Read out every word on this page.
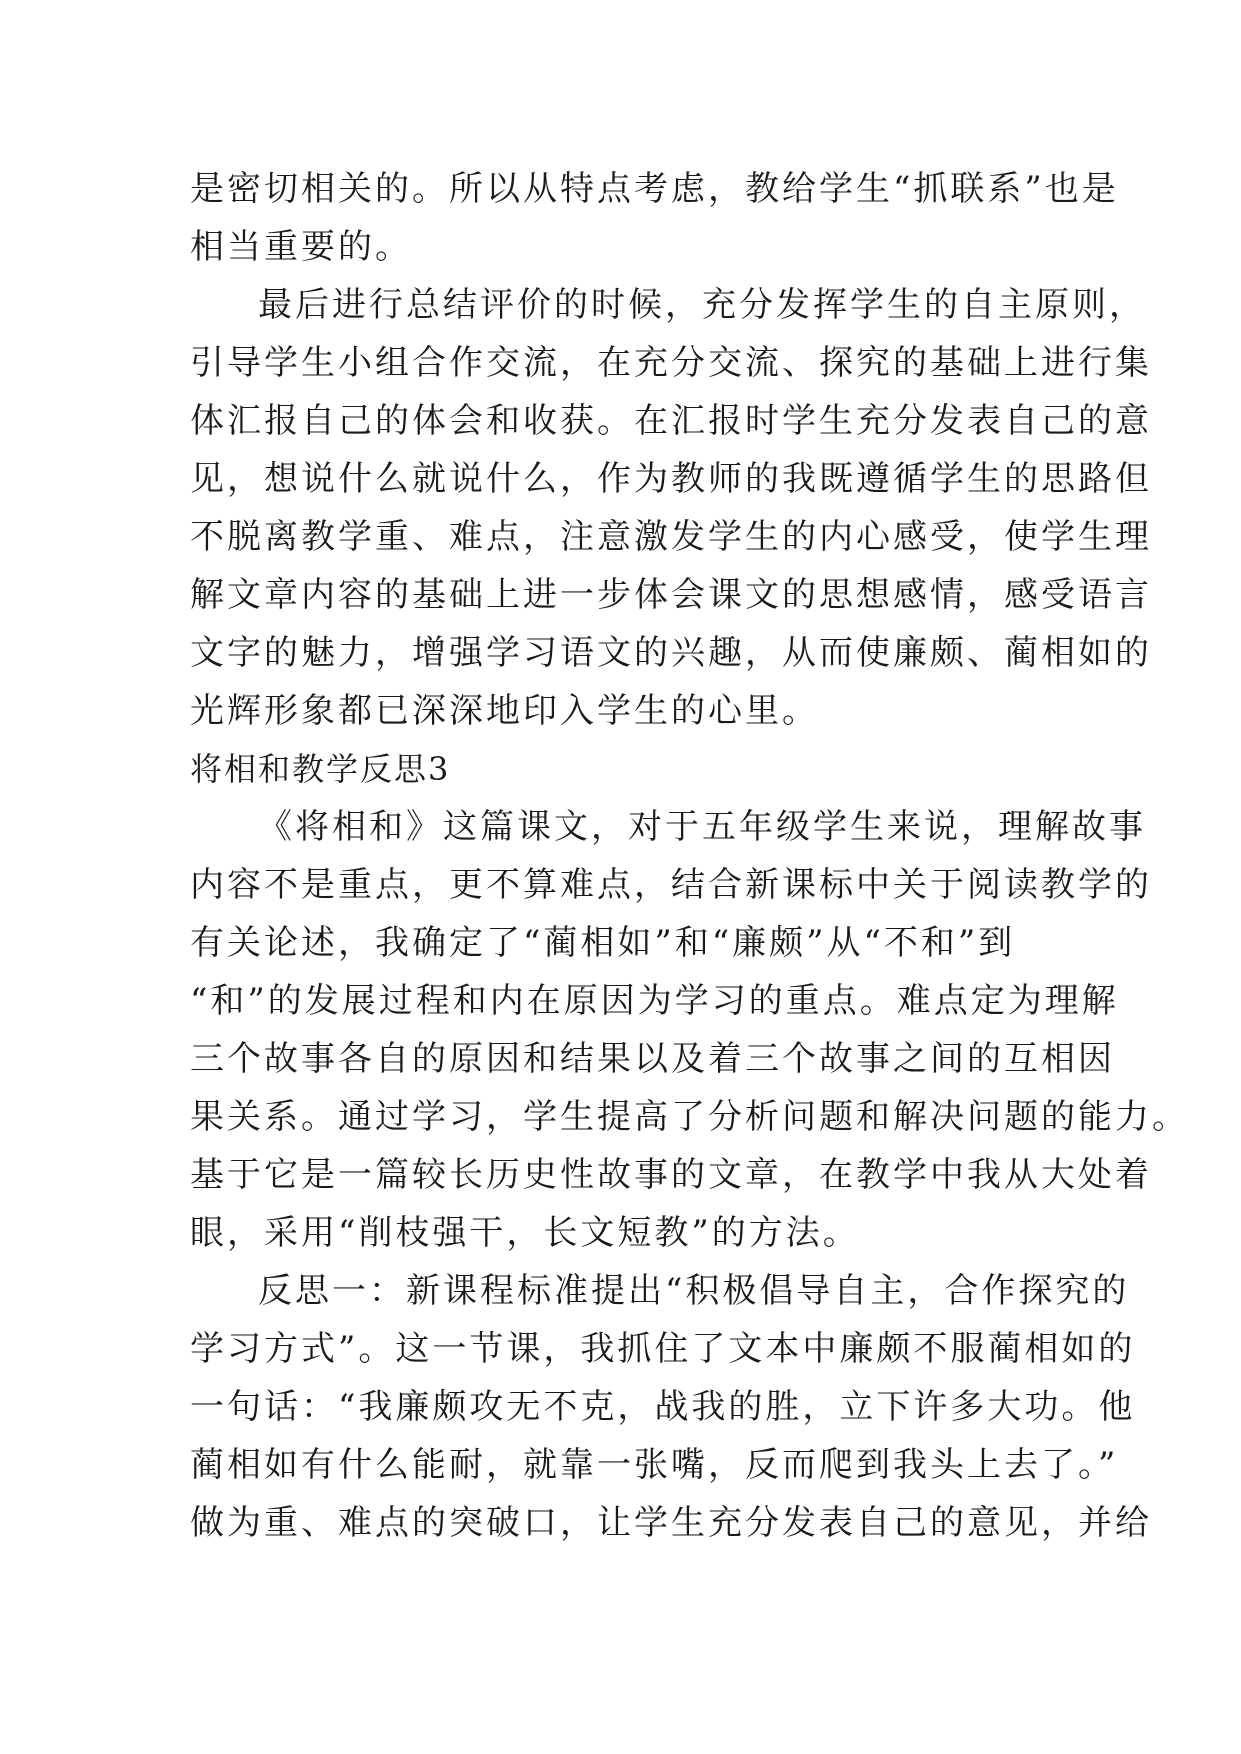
是密切相关的。所以从特点考虑，教给学生“抓联系”也是
相当重要的。
最后进行总结评价的时候，充分发挥学生的自主原则，
引导学生小组合作交流，在充分交流、探究的基础上进行集
体汇报自己的体会和收获。在汇报时学生充分发表自己的意
见，想说什么就说什么，作为教师的我既遵循学生的思路但
不脱离教学重、难点，注意激发学生的内心感受，使学生理
解文章内容的基础上进一步体会课文的思想感情，感受语言
文字的魅力，增强学习语文的兴趣，从而使廉颇、蔺相如的
光辉形象都已深深地印入学生的心里。
将相和教学反思3
《将相和》这篇课文，对于五年级学生来说，理解故事
内容不是重点，更不算难点，结合新课标中关于阅读教学的
有关论述，我确定了“蔺相如”和“廉颇”从“不和”到
“和”的发展过程和内在原因为学习的重点。难点定为理解
三个故事各自的原因和结果以及着三个故事之间的互相因
果关系。通过学习，学生提高了分析问题和解决问题的能力。
基于它是一篇较长历史性故事的文章，在教学中我从大处着
眼，采用“削枝强干，长文短教”的方法。
反思一：新课程标准提出“积极倡导自主，合作探究的
学习方式”。这一节课，我抓住了文本中廉颇不服蔺相如的
一句话：“我廉颇攻无不克，战我的胜，立下许多大功。他
蔺相如有什么能耐，就靠一张嘴，反而爬到我头上去了。”
做为重、难点的突破口，让学生充分发表自己的意见，并给
